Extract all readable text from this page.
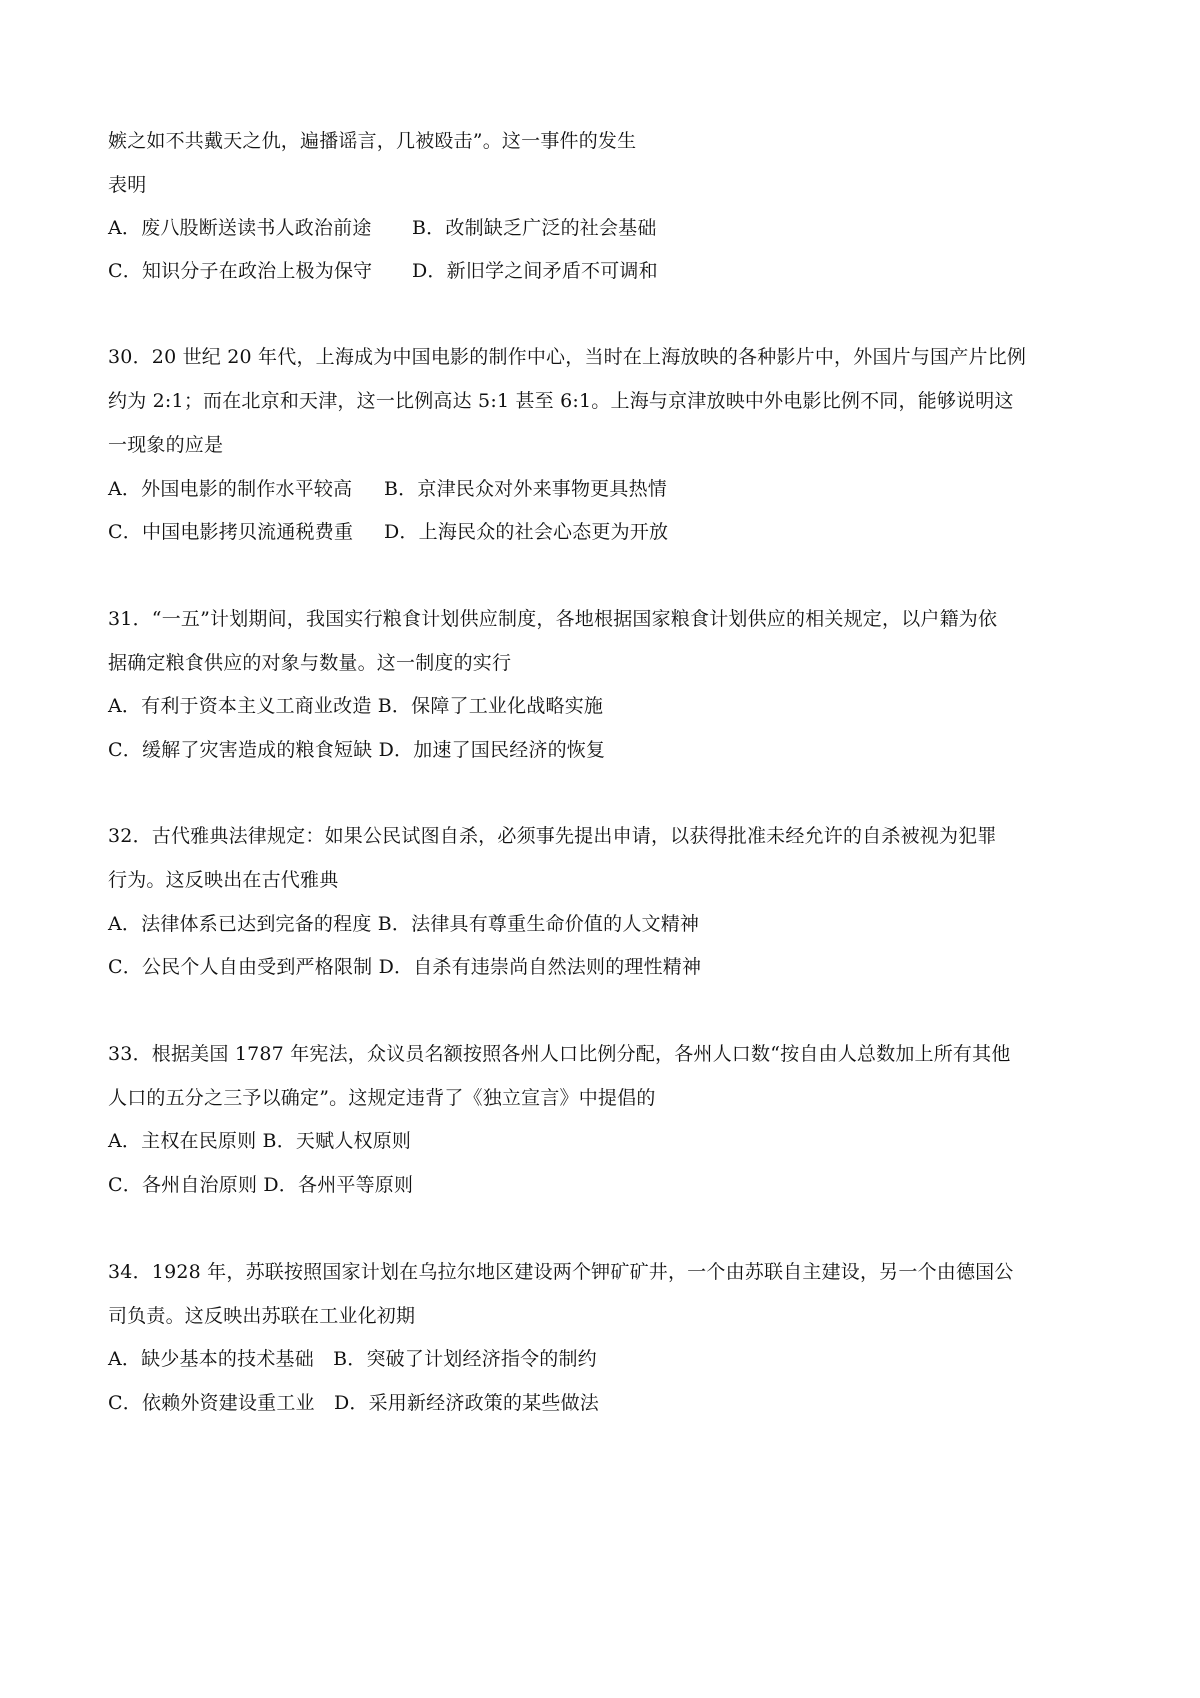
嫉之如不共戴天之仇，遍播谣言，几被殴击”。这一事件的发生
表明
A．废八股断送读书人政治前途 B．改制缺乏广泛的社会基础
C．知识分子在政治上极为保守 D．新旧学之间矛盾不可调和
30．20 世纪 20 年代，上海成为中国电影的制作中心，当时在上海放映的各种影片中，外国片与国产片比例
约为 2:1；而在北京和天津，这一比例高达 5:1 甚至 6:1。上海与京津放映中外电影比例不同，能够说明这
一现象的应是
A．外国电影的制作水平较高 B．京津民众对外来事物更具热情
C．中国电影拷贝流通税费重 D．上海民众的社会心态更为开放
31．“一五”计划期间，我国实行粮食计划供应制度，各地根据国家粮食计划供应的相关规定，以户籍为依
据确定粮食供应的对象与数量。这一制度的实行
A．有利于资本主义工商业改造 B．保障了工业化战略实施
C．缓解了灾害造成的粮食短缺 D．加速了国民经济的恢复
32．古代雅典法律规定：如果公民试图自杀，必须事先提出申请，以获得批准未经允许的自杀被视为犯罪
行为。这反映出在古代雅典
A．法律体系已达到完备的程度 B．法律具有尊重生命价值的人文精神
C．公民个人自由受到严格限制 D．自杀有违崇尚自然法则的理性精神
33．根据美国 1787 年宪法，众议员名额按照各州人口比例分配，各州人口数“按自由人总数加上所有其他
人口的五分之三予以确定”。这规定违背了《独立宣言》中提倡的
A．主权在民原则 B．天赋人权原则
C．各州自治原则 D．各州平等原则
34．1928 年，苏联按照国家计划在乌拉尔地区建设两个钾矿矿井，一个由苏联自主建设，另一个由德国公
司负责。这反映出苏联在工业化初期
A．缺少基本的技术基础　B．突破了计划经济指令的制约
C．依赖外资建设重工业　D．采用新经济政策的某些做法
